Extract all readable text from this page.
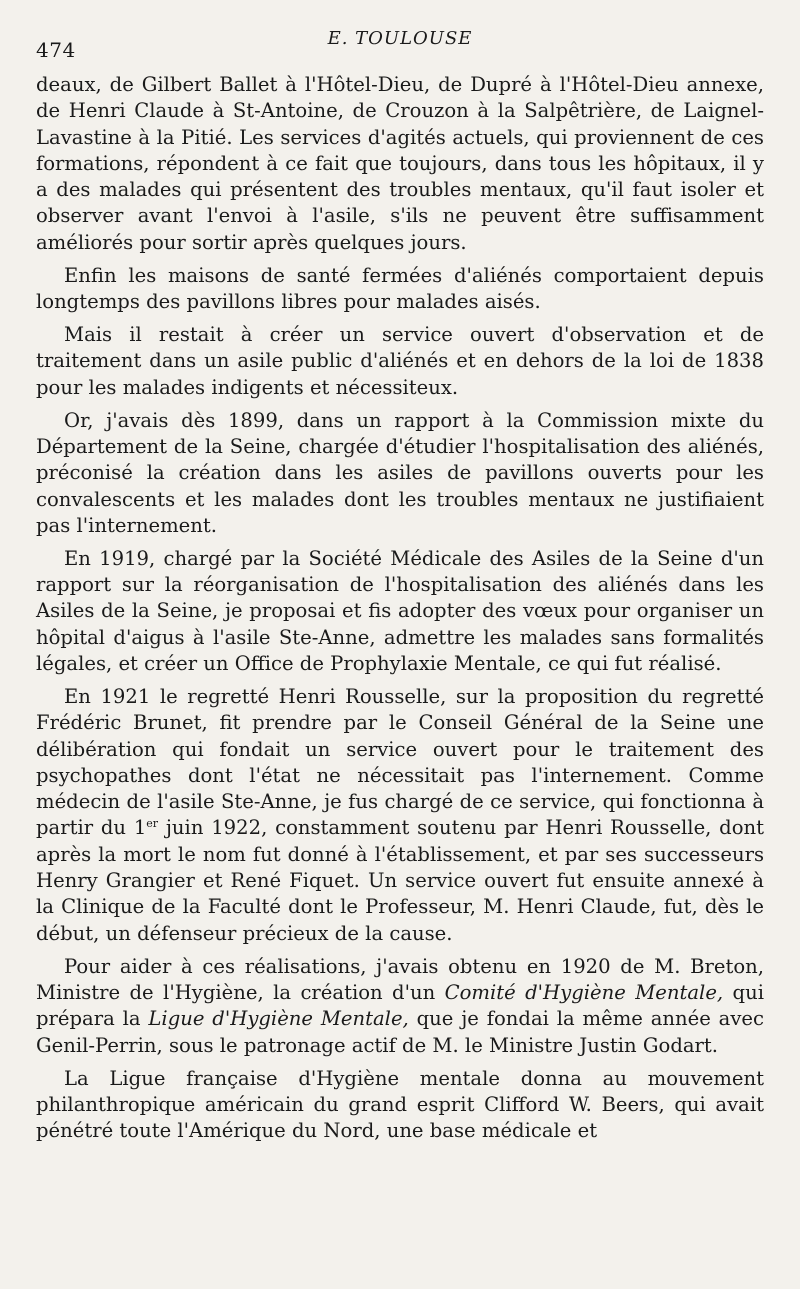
474	E. TOULOUSE

deaux, de Gilbert Ballet à l'Hôtel-Dieu, de Dupré à l'Hôtel-Dieu annexe, de Henri Claude à St-Antoine, de Crouzon à la Salpêtrière, de Laignel-Lavastine à la Pitié. Les services d'agités actuels, qui proviennent de ces formations, répondent à ce fait que toujours, dans tous les hôpitaux, il y a des malades qui présentent des troubles mentaux, qu'il faut isoler et observer avant l'envoi à l'asile, s'ils ne peuvent être suffisamment améliorés pour sortir après quelques jours.

Enfin les maisons de santé fermées d'aliénés comportaient depuis longtemps des pavillons libres pour malades aisés.

Mais il restait à créer un service ouvert d'observation et de traitement dans un asile public d'aliénés et en dehors de la loi de 1838 pour les malades indigents et nécessiteux.

Or, j'avais dès 1899, dans un rapport à la Commission mixte du Département de la Seine, chargée d'étudier l'hospitalisation des aliénés, préconisé la création dans les asiles de pavillons ouverts pour les convalescents et les malades dont les troubles mentaux ne justifiaient pas l'internement.

En 1919, chargé par la Société Médicale des Asiles de la Seine d'un rapport sur la réorganisation de l'hospitalisation des aliénés dans les Asiles de la Seine, je proposai et fis adopter des vœux pour organiser un hôpital d'aigus à l'asile Ste-Anne, admettre les malades sans formalités légales, et créer un Office de Prophylaxie Mentale, ce qui fut réalisé.

En 1921 le regretté Henri Rousselle, sur la proposition du regretté Frédéric Brunet, fit prendre par le Conseil Général de la Seine une délibération qui fondait un service ouvert pour le traitement des psychopathes dont l'état ne nécessitait pas l'internement. Comme médecin de l'asile Ste-Anne, je fus chargé de ce service, qui fonctionna à partir du 1er juin 1922, constamment soutenu par Henri Rousselle, dont après la mort le nom fut donné à l'établissement, et par ses successeurs Henry Grangier et René Fiquet. Un service ouvert fut ensuite annexé à la Clinique de la Faculté dont le Professeur, M. Henri Claude, fut, dès le début, un défenseur précieux de la cause.

Pour aider à ces réalisations, j'avais obtenu en 1920 de M. Breton, Ministre de l'Hygiène, la création d'un Comité d'Hygiène Mentale, qui prépara la Ligue d'Hygiène Mentale, que je fondai la même année avec Genil-Perrin, sous le patronage actif de M. le Ministre Justin Godart.

La Ligue française d'Hygiène mentale donna au mouvement philanthropique américain du grand esprit Clifford W. Beers, qui avait pénétré toute l'Amérique du Nord, une base médicale et
